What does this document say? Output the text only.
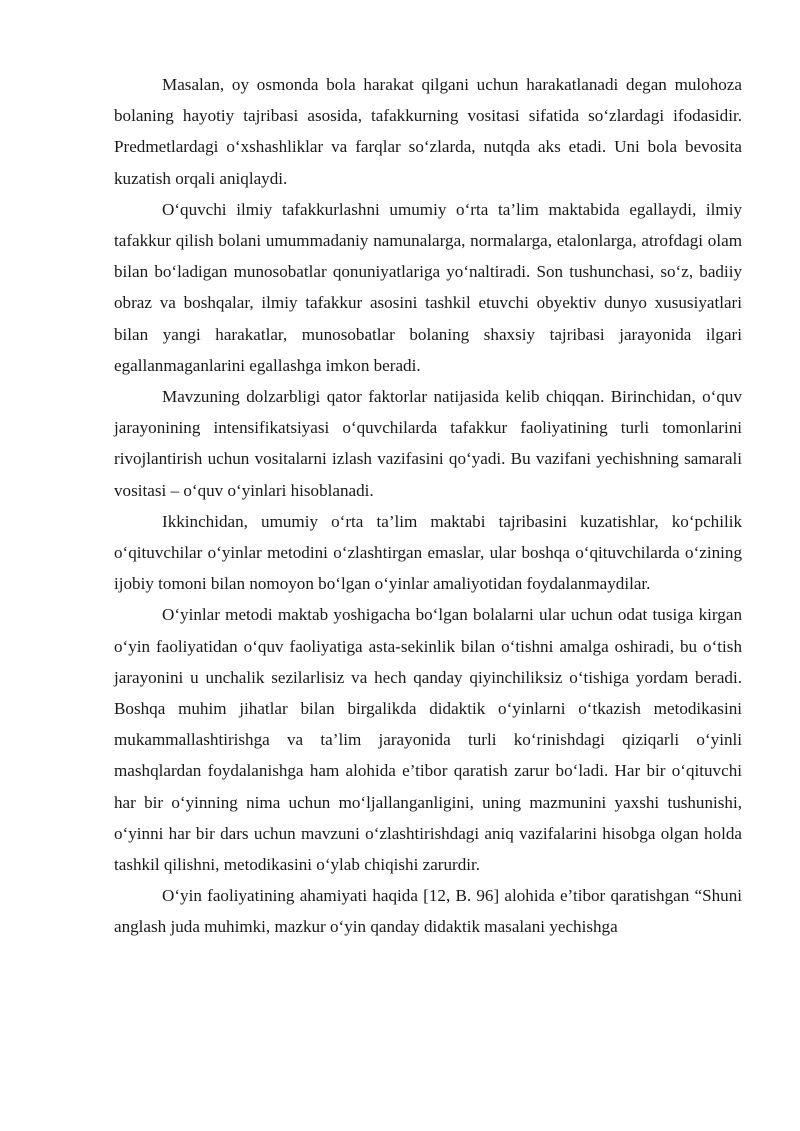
Masalan, oy osmonda bola harakat qilgani uchun harakatlanadi degan mulohoza bolaning hayotiy tajribasi asosida, tafakkurning vositasi sifatida so‘zlardagi ifodasidir. Predmetlardagi o‘xshashliklar va farqlar so‘zlarda, nutqda aks etadi. Uni bola bevosita kuzatish orqali aniqlaydi.

O‘quvchi ilmiy tafakkurlashni umumiy o‘rta ta’lim maktabida egallaydi, ilmiy tafakkur qilish bolani umummadaniy namunalarga, normalarga, etalonlarga, atrofdagi olam bilan bo‘ladigan munosobatlar qonuniyatlariga yo‘naltiradi. Son tushunchasi, so‘z, badiiy obraz va boshqalar, ilmiy tafakkur asosini tashkil etuvchi obyektiv dunyo xususiyatlari bilan yangi harakatlar, munosobatlar bolaning shaxsiy tajribasi jarayonida ilgari egallanmaganlarini egallashga imkon beradi.

Mavzuning dolzarbligi qator faktorlar natijasida kelib chiqqan. Birinchidan, o‘quv jarayonining intensifikatsiyasi o‘quvchilarda tafakkur faoliyatining turli tomonlarini rivojlantirish uchun vositalarni izlash vazifasini qo‘yadi. Bu vazifani yechishning samarali vositasi – o‘quv o‘yinlari hisoblanadi.

Ikkinchidan, umumiy o‘rta ta’lim maktabi tajribasini kuzatishlar, ko‘pchilik o‘qituvchilar o‘yinlar metodini o‘zlashtirgan emaslar, ular boshqa o‘qituvchilarda o‘zining ijobiy tomoni bilan nomoyon bo‘lgan o‘yinlar amaliyotidan foydalanmaydilar.

O‘yinlar metodi maktab yoshigacha bo‘lgan bolalarni ular uchun odat tusiga kirgan o‘yin faoliyatidan o‘quv faoliyatiga asta-sekinlik bilan o‘tishni amalga oshiradi, bu o‘tish jarayonini u unchalik sezilarlisiz va hech qanday qiyinchiliksiz o‘tishiga yordam beradi. Boshqa muhim jihatlar bilan birgalikda didaktik o‘yinlarni o‘tkazish metodikasini mukammallashtirishga va ta’lim jarayonida turli ko‘rinishdagi qiziqarli o‘yinli mashqlardan foydalanishga ham alohida e’tibor qaratish zarur bo‘ladi. Har bir o‘qituvchi har bir o‘yinning nima uchun mo‘ljallanganligini, uning mazmunini yaxshi tushunishi, o‘yinni har bir dars uchun mavzuni o‘zlashtirishdagi aniq vazifalarini hisobga olgan holda tashkil qilishni, metodikasini o‘ylab chiqishi zarurdir.

O‘yin faoliyatining ahamiyati haqida [12, B. 96] alohida e’tibor qaratishgan “Shuni anglash juda muhimki, mazkur o‘yin qanday didaktik masalani yechishga
